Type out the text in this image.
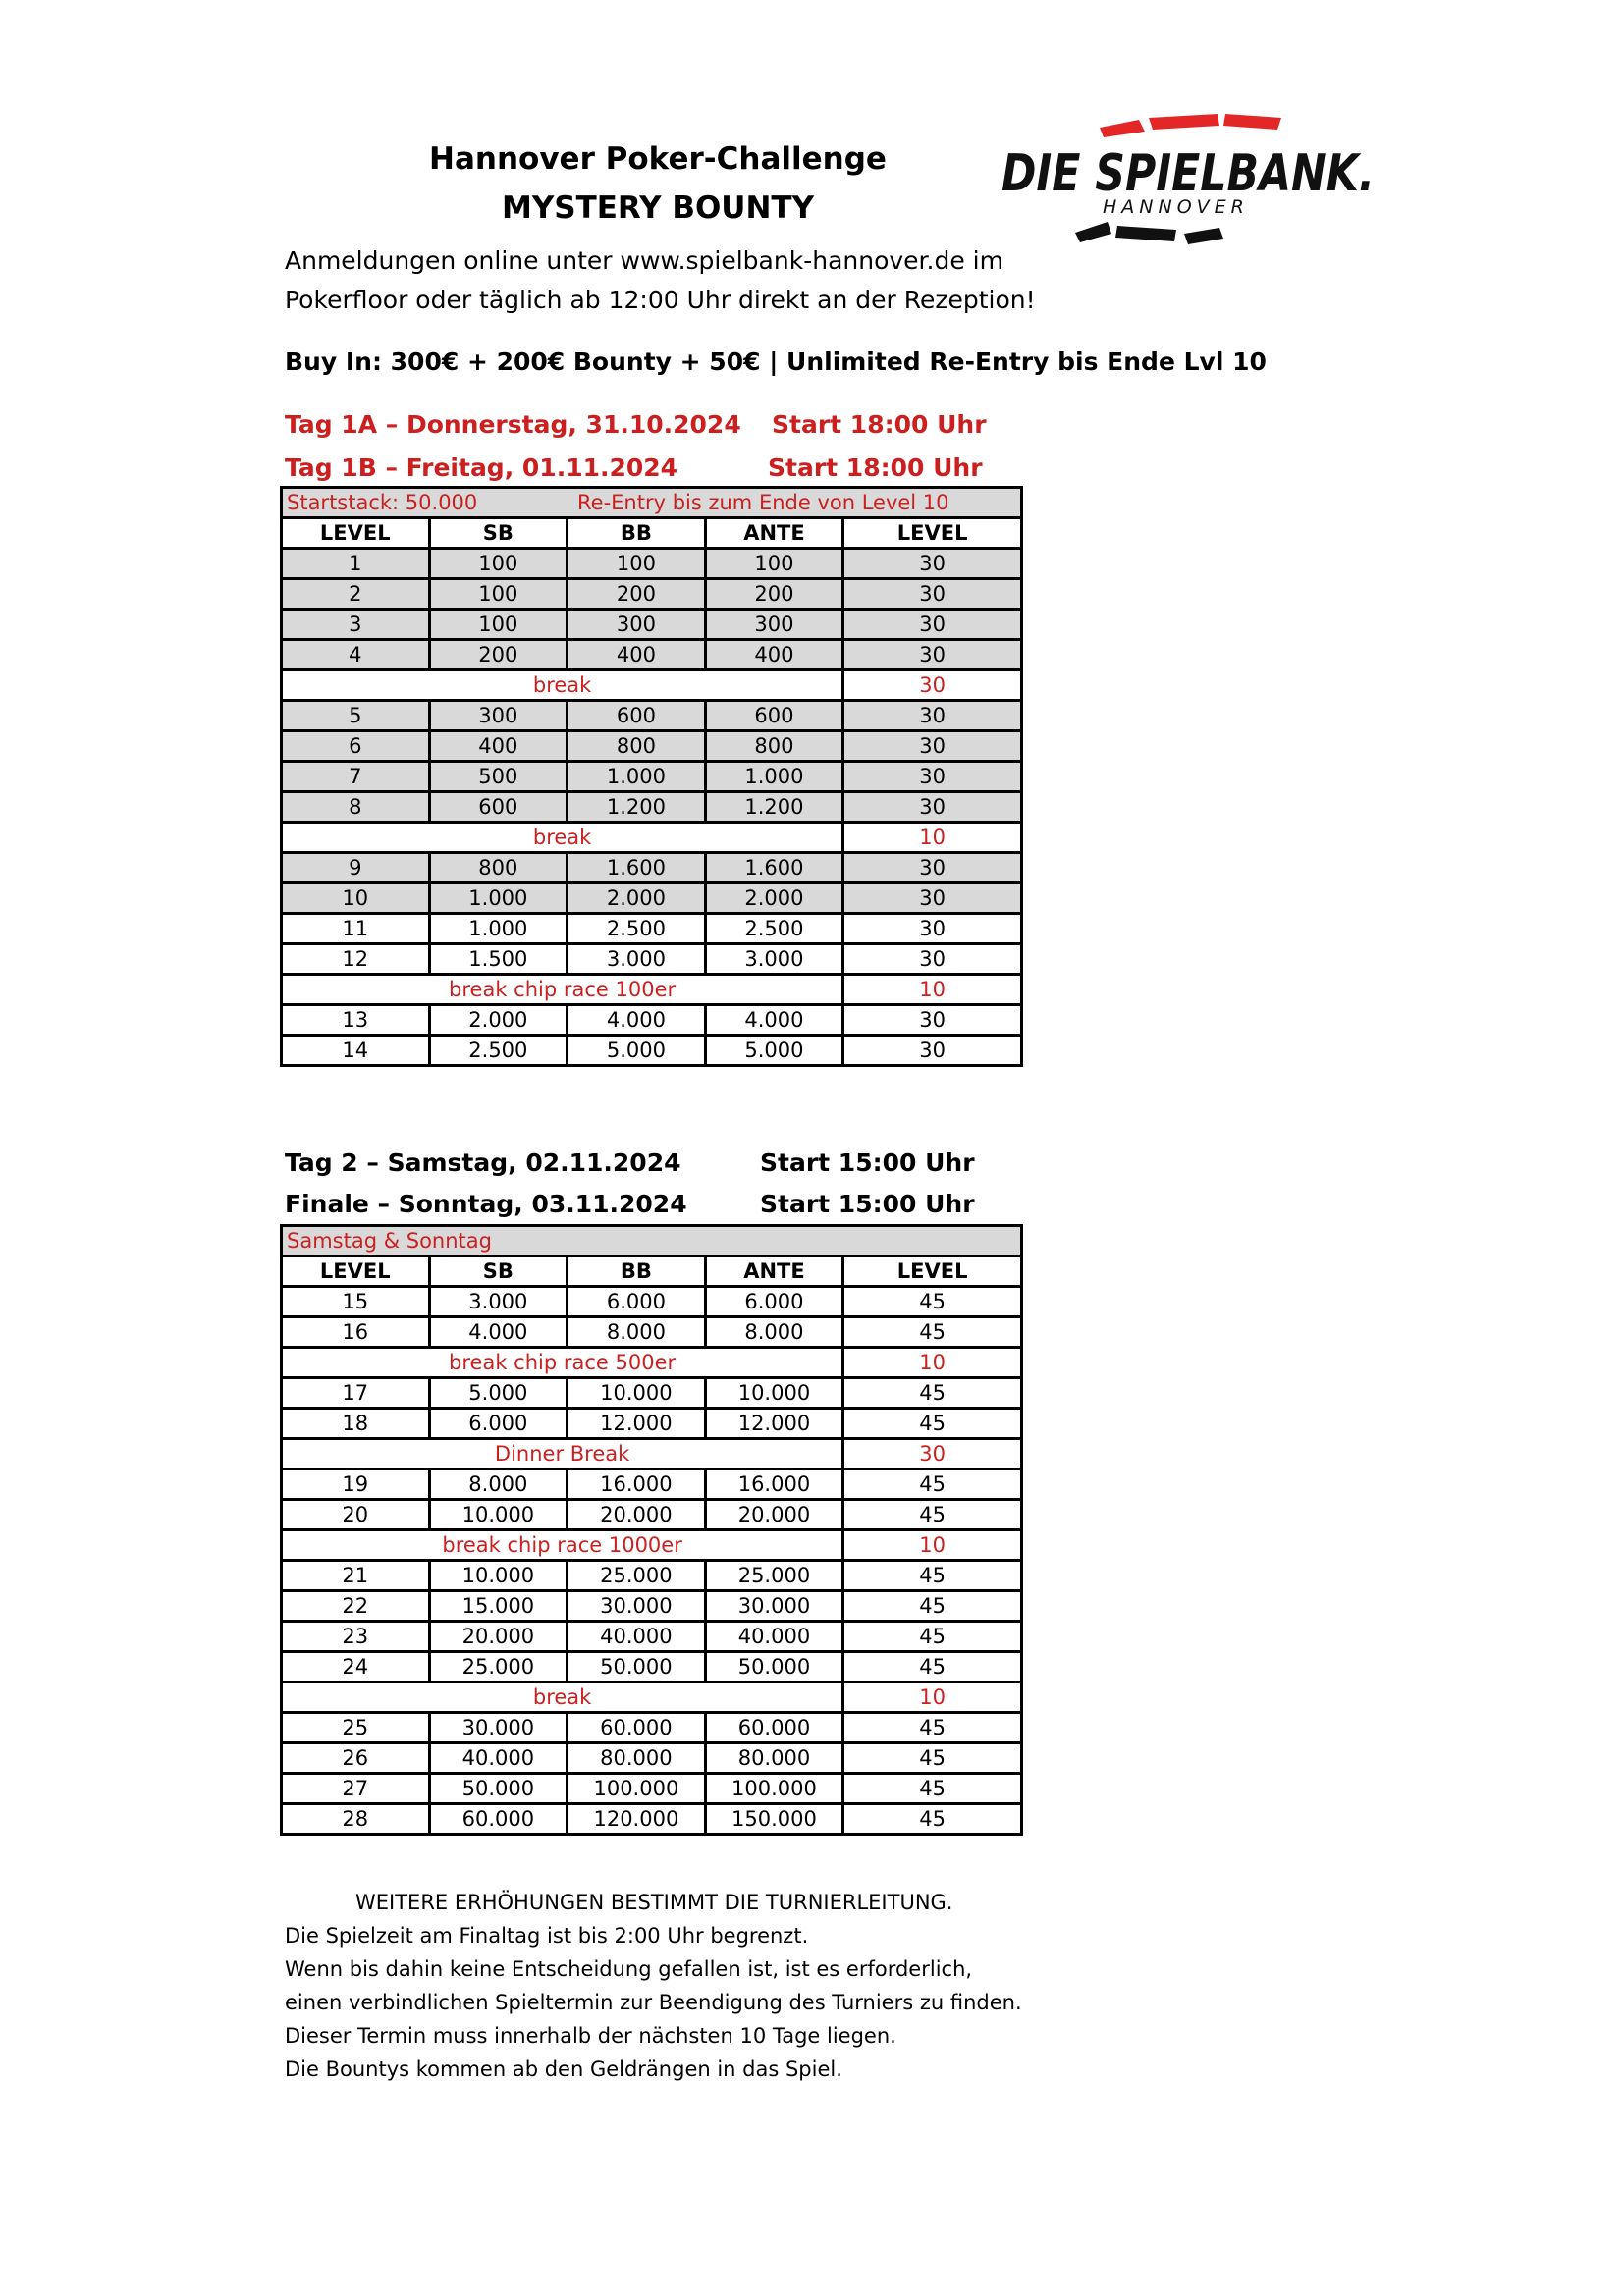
Hannover Poker-Challenge
MYSTERY BOUNTY
DIE SPIELBANK.
HANNOVER
Anmeldungen online unter www.spielbank-hannover.de im
Pokerfloor oder täglich ab 12:00 Uhr direkt an der Rezeption!
Buy In: 300€ + 200€ Bounty + 50€ | Unlimited Re-Entry bis Ende Lvl 10
Tag 1A – Donnerstag, 31.10.2024 Start 18:00 Uhr
Tag 1B – Freitag, 01.11.2024	Start 18:00 Uhr
Startstack: 50.000 Re-Entry bis zum Ende von Level 10				

LEVEL	SB	BB	ANTE	LEVEL
1	100	100	100	30
2	100	200	200	30
3	100	300	300	30
4	200	400	400	30
break				30
5	300	600	600	30
6	400	800	800	30
7	500	1.000	1.000	30
8	600	1.200	1.200	30
break				10
9	800	1.600	1.600	30
10	1.000	2.000	2.000	30
11	1.000	2.500	2.500	30
12	1.500	3.000	3.000	30
break chip race 100er				10
13	2.000	4.000	4.000	30
14	2.500	5.000	5.000	30
Tag 2 – Samstag, 02.11.2024	Start 15:00 Uhr
Finale – Sonntag, 03.11.2024	Start 15:00 Uhr
Samstag & Sonntag				
LEVEL	SB	BB	ANTE	LEVEL
15	3.000	6.000	6.000	45
16	4.000	8.000	8.000	45
break chip race 500er				10
17	5.000	10.000	10.000	45
18	6.000	12.000	12.000	45
Dinner Break				30
19	8.000	16.000	16.000	45
20	10.000	20.000	20.000	45
break chip race 1000er				10
21	10.000	25.000	25.000	45
22	15.000	30.000	30.000	45
23	20.000	40.000	40.000	45
24	25.000	50.000	50.000	45
break				10
25	30.000	60.000	60.000	45
26	40.000	80.000	80.000	45
27	50.000	100.000	100.000	45
28	60.000	120.000	150.000	45
WEITERE ERHÖHUNGEN BESTIMMT DIE TURNIERLEITUNG.
Die Spielzeit am Finaltag ist bis 2:00 Uhr begrenzt.
Wenn bis dahin keine Entscheidung gefallen ist, ist es erforderlich,
einen verbindlichen Spieltermin zur Beendigung des Turniers zu finden.
Dieser Termin muss innerhalb der nächsten 10 Tage liegen.
Die Bountys kommen ab den Geldrängen in das Spiel.
